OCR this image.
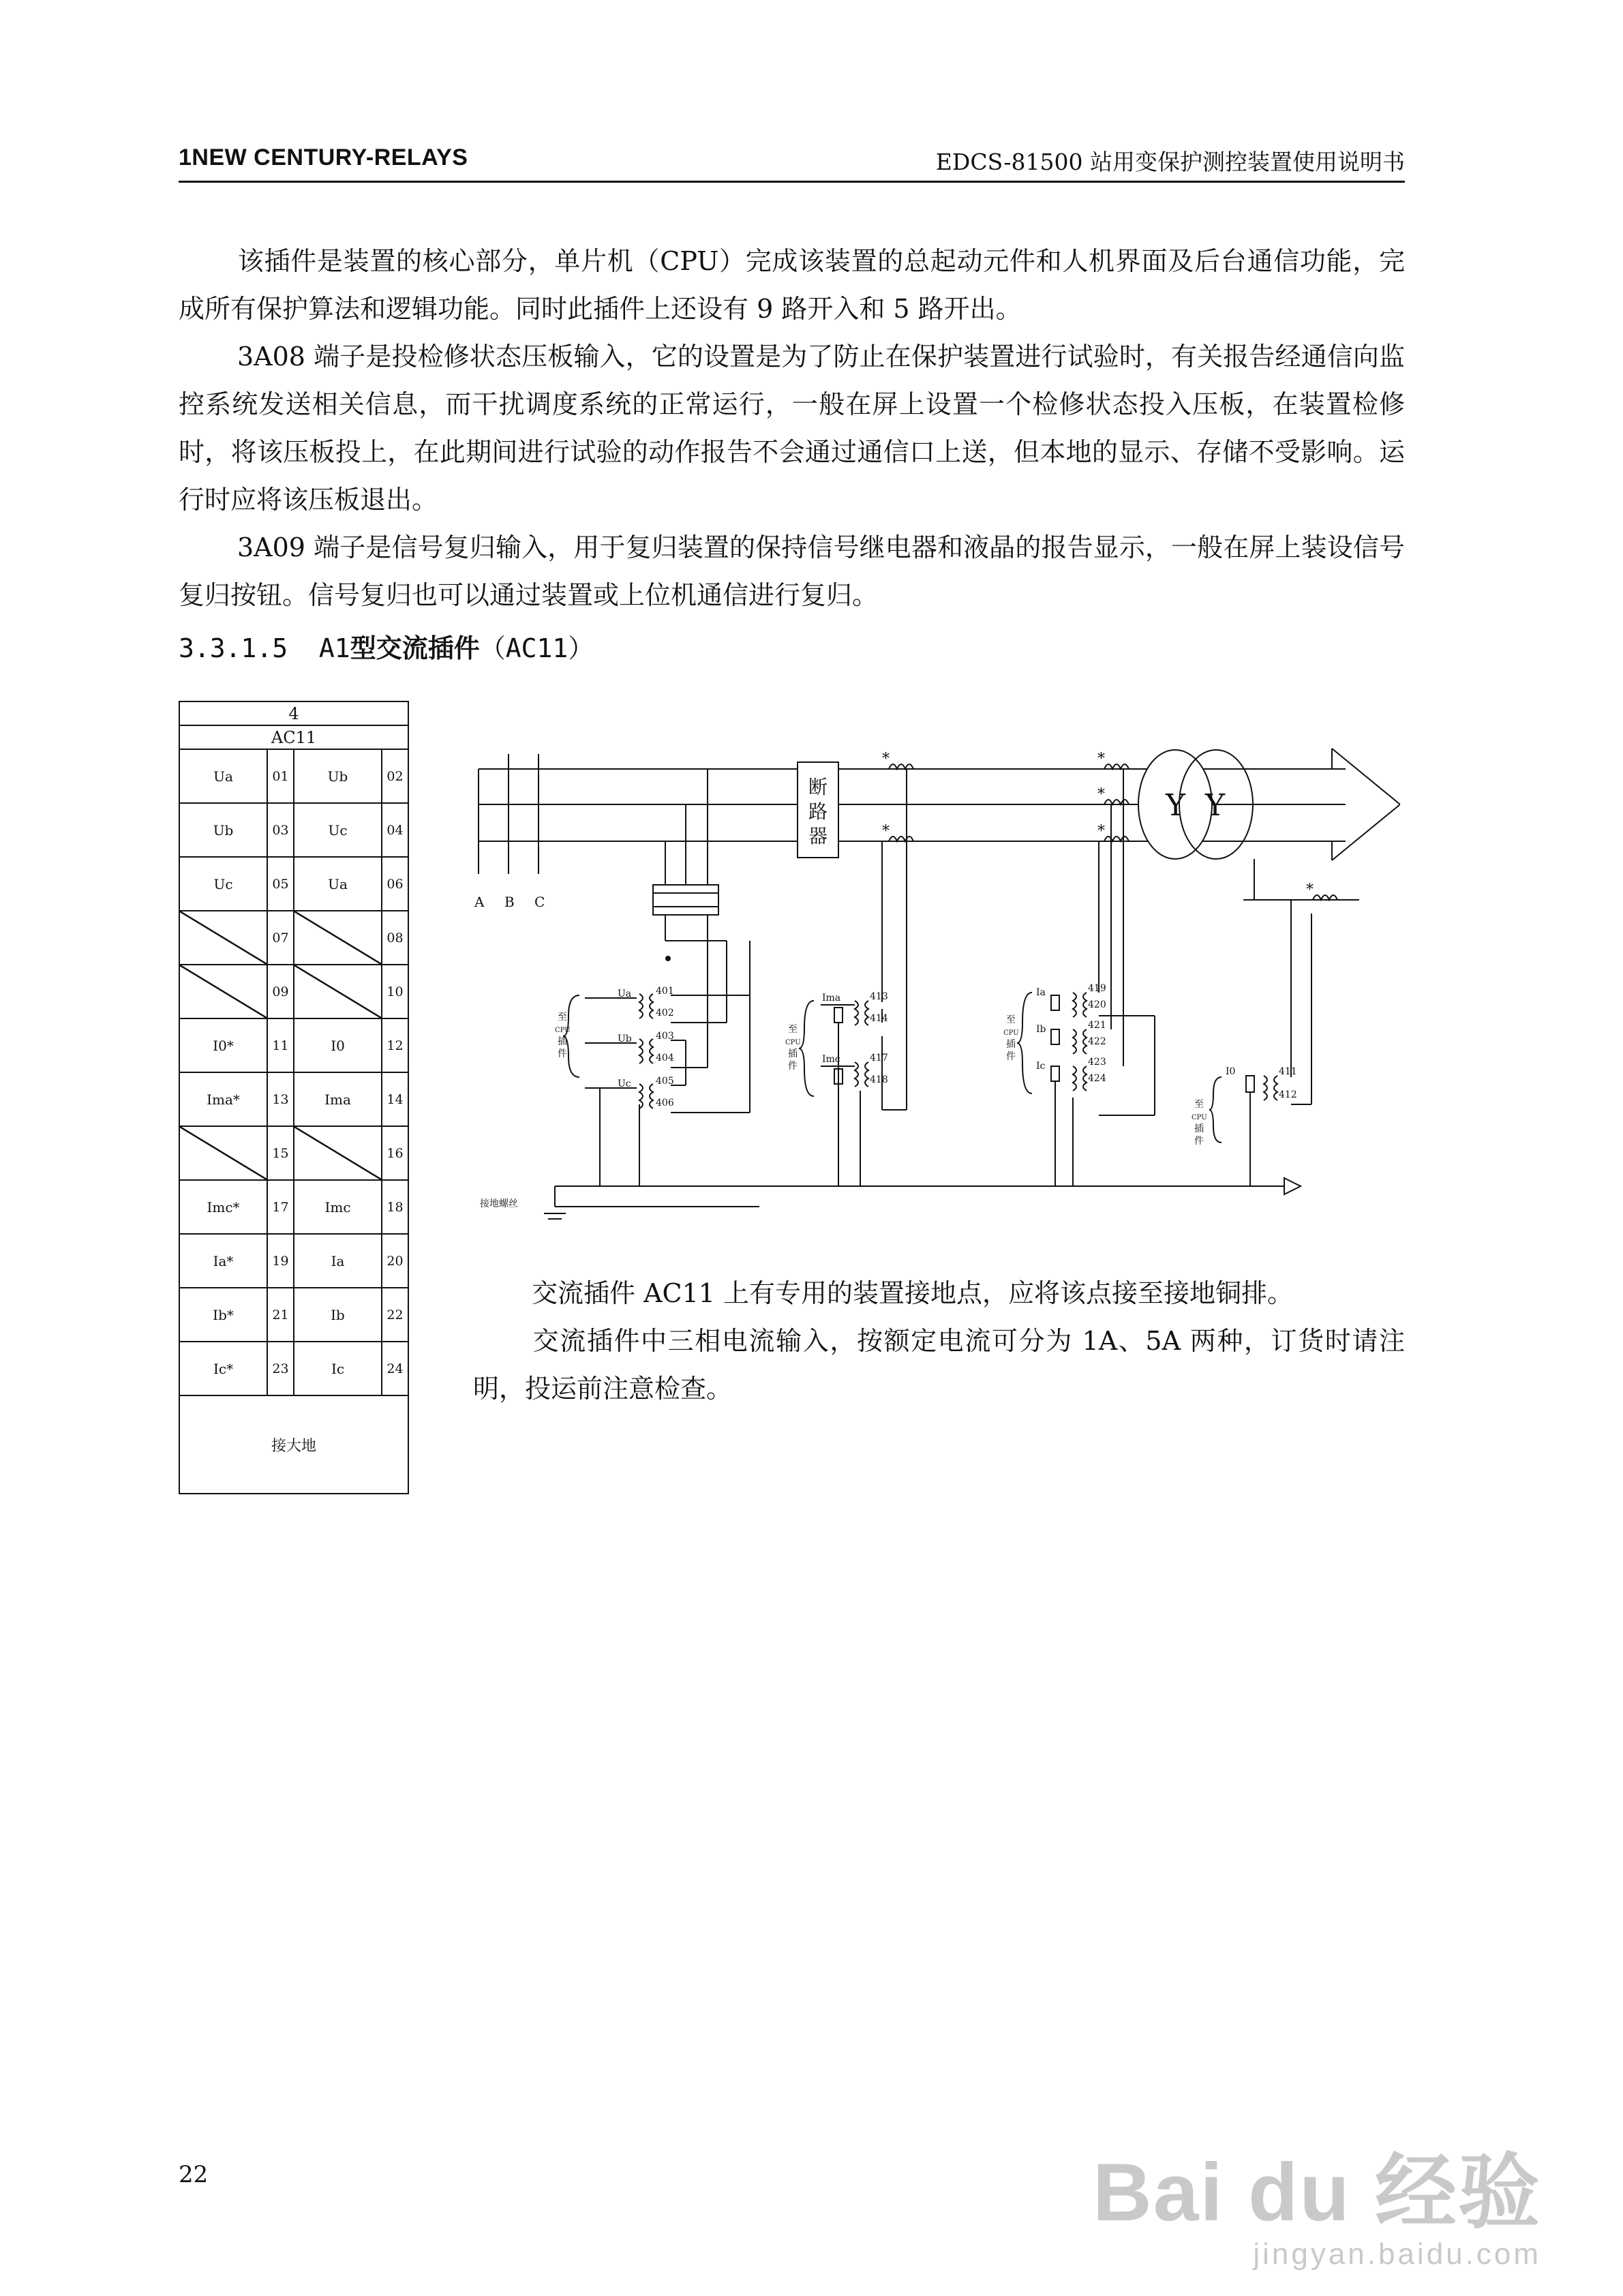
1NEW CENTURY-RELAYS	EDCS-81500 站用变保护测控装置使用说明书
该插件是装置的核心部分，单片机（CPU）完成该装置的总起动元件和人机界面及后台通信功能，完成所有保护算法和逻辑功能。同时此插件上还设有 9 路开入和 5 路开出。
3A08 端子是投检修状态压板输入，它的设置是为了防止在保护装置进行试验时，有关报告经通信向监控系统发送相关信息，而干扰调度系统的正常运行，一般在屏上设置一个检修状态投入压板，在装置检修时，将该压板投上，在此期间进行试验的动作报告不会通过通信口上送，但本地的显示、存储不受影响。运行时应将该压板退出。
3A09 端子是信号复归输入，用于复归装置的保持信号继电器和液晶的报告显示，一般在屏上装设信号复归按钮。信号复归也可以通过装置或上位机通信进行复归。
3.3.1.5 A1型交流插件（AC11）
4			
AC11			
Ua	01	Ub	02
Ub	03	Uc	04
Uc	05	Ua	06
	07		08
	09		10
I0*	11	I0	12
Ima*	13	Ima	14
	15		16
Imc*	17	Imc	18
Ia*	19	Ia	20
Ib*	21	Ib	22
Ic*	23	Ic	24
接大地			
A B C
断
路
器
Y Y
接地螺丝
至
CPU
插
件
至
CPU
插
件
至
CPU
插
件
至
CPU
插
件
Ua
Ub
Uc
Ima
Imc
Ia
Ib
Ic	I0
401
402
403
404
405
406
413
414
417
418
419
420
421
422
423
424
411
412
*
*
*
*
*
*
交流插件 AC11 上有专用的装置接地点，应将该点接至接地铜排。
交流插件中三相电流输入，按额定电流可分为 1A、5A 两种，订货时请注明，投运前注意检查。
22	Bai du 经验
jingyan.baidu.com
